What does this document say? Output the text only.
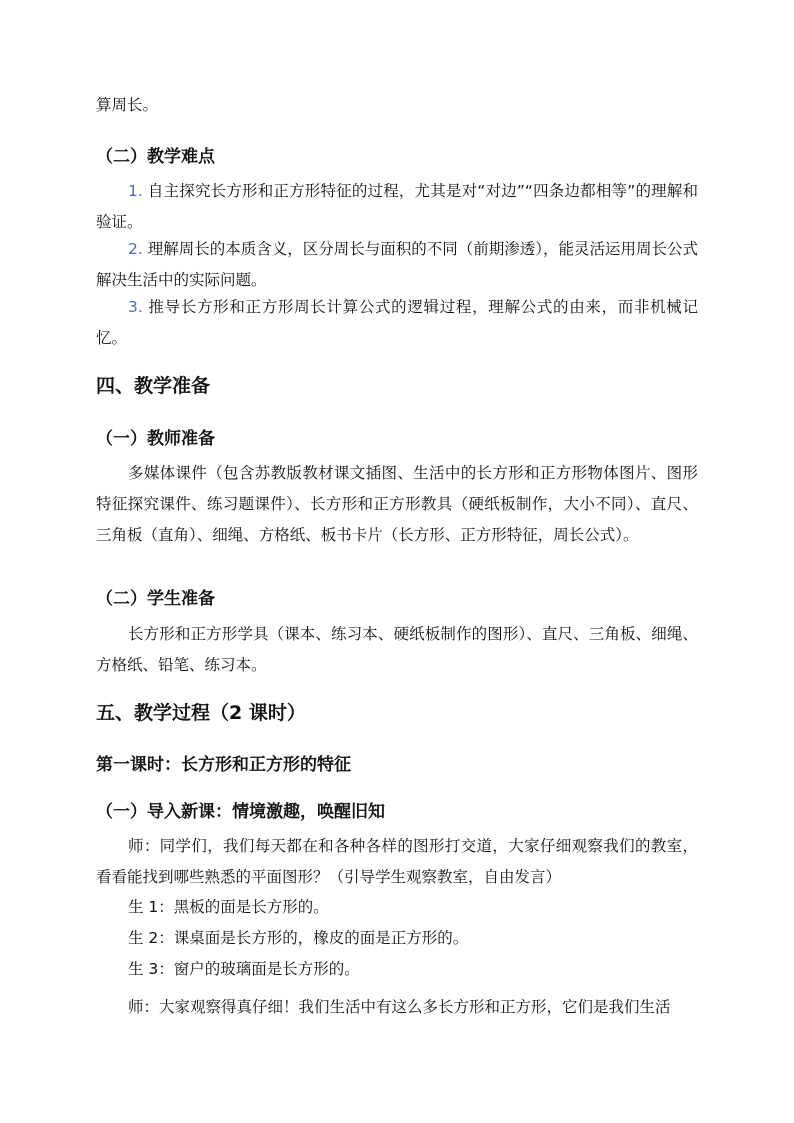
算周长。

（二）教学难点

1. 自主探究长方形和正方形特征的过程，尤其是对“对边”“四条边都相等”的理解和验证。

2. 理解周长的本质含义，区分周长与面积的不同（前期渗透），能灵活运用周长公式解决生活中的实际问题。

3. 推导长方形和正方形周长计算公式的逻辑过程，理解公式的由来，而非机械记忆。

四、教学准备

（一）教师准备

多媒体课件（包含苏教版教材课文插图、生活中的长方形和正方形物体图片、图形特征探究课件、练习题课件）、长方形和正方形教具（硬纸板制作，大小不同）、直尺、三角板（直角）、细绳、方格纸、板书卡片（长方形、正方形特征，周长公式）。

（二）学生准备

长方形和正方形学具（课本、练习本、硬纸板制作的图形）、直尺、三角板、细绳、方格纸、铅笔、练习本。

五、教学过程（2 课时）

第一课时：长方形和正方形的特征

（一）导入新课：情境激趣，唤醒旧知

师：同学们，我们每天都在和各种各样的图形打交道，大家仔细观察我们的教室，看看能找到哪些熟悉的平面图形？（引导学生观察教室，自由发言）

生 1：黑板的面是长方形的。

生 2：课桌面是长方形的，橡皮的面是正方形的。

生 3：窗户的玻璃面是长方形的。

师：大家观察得真仔细！我们生活中有这么多长方形和正方形，它们是我们生活
